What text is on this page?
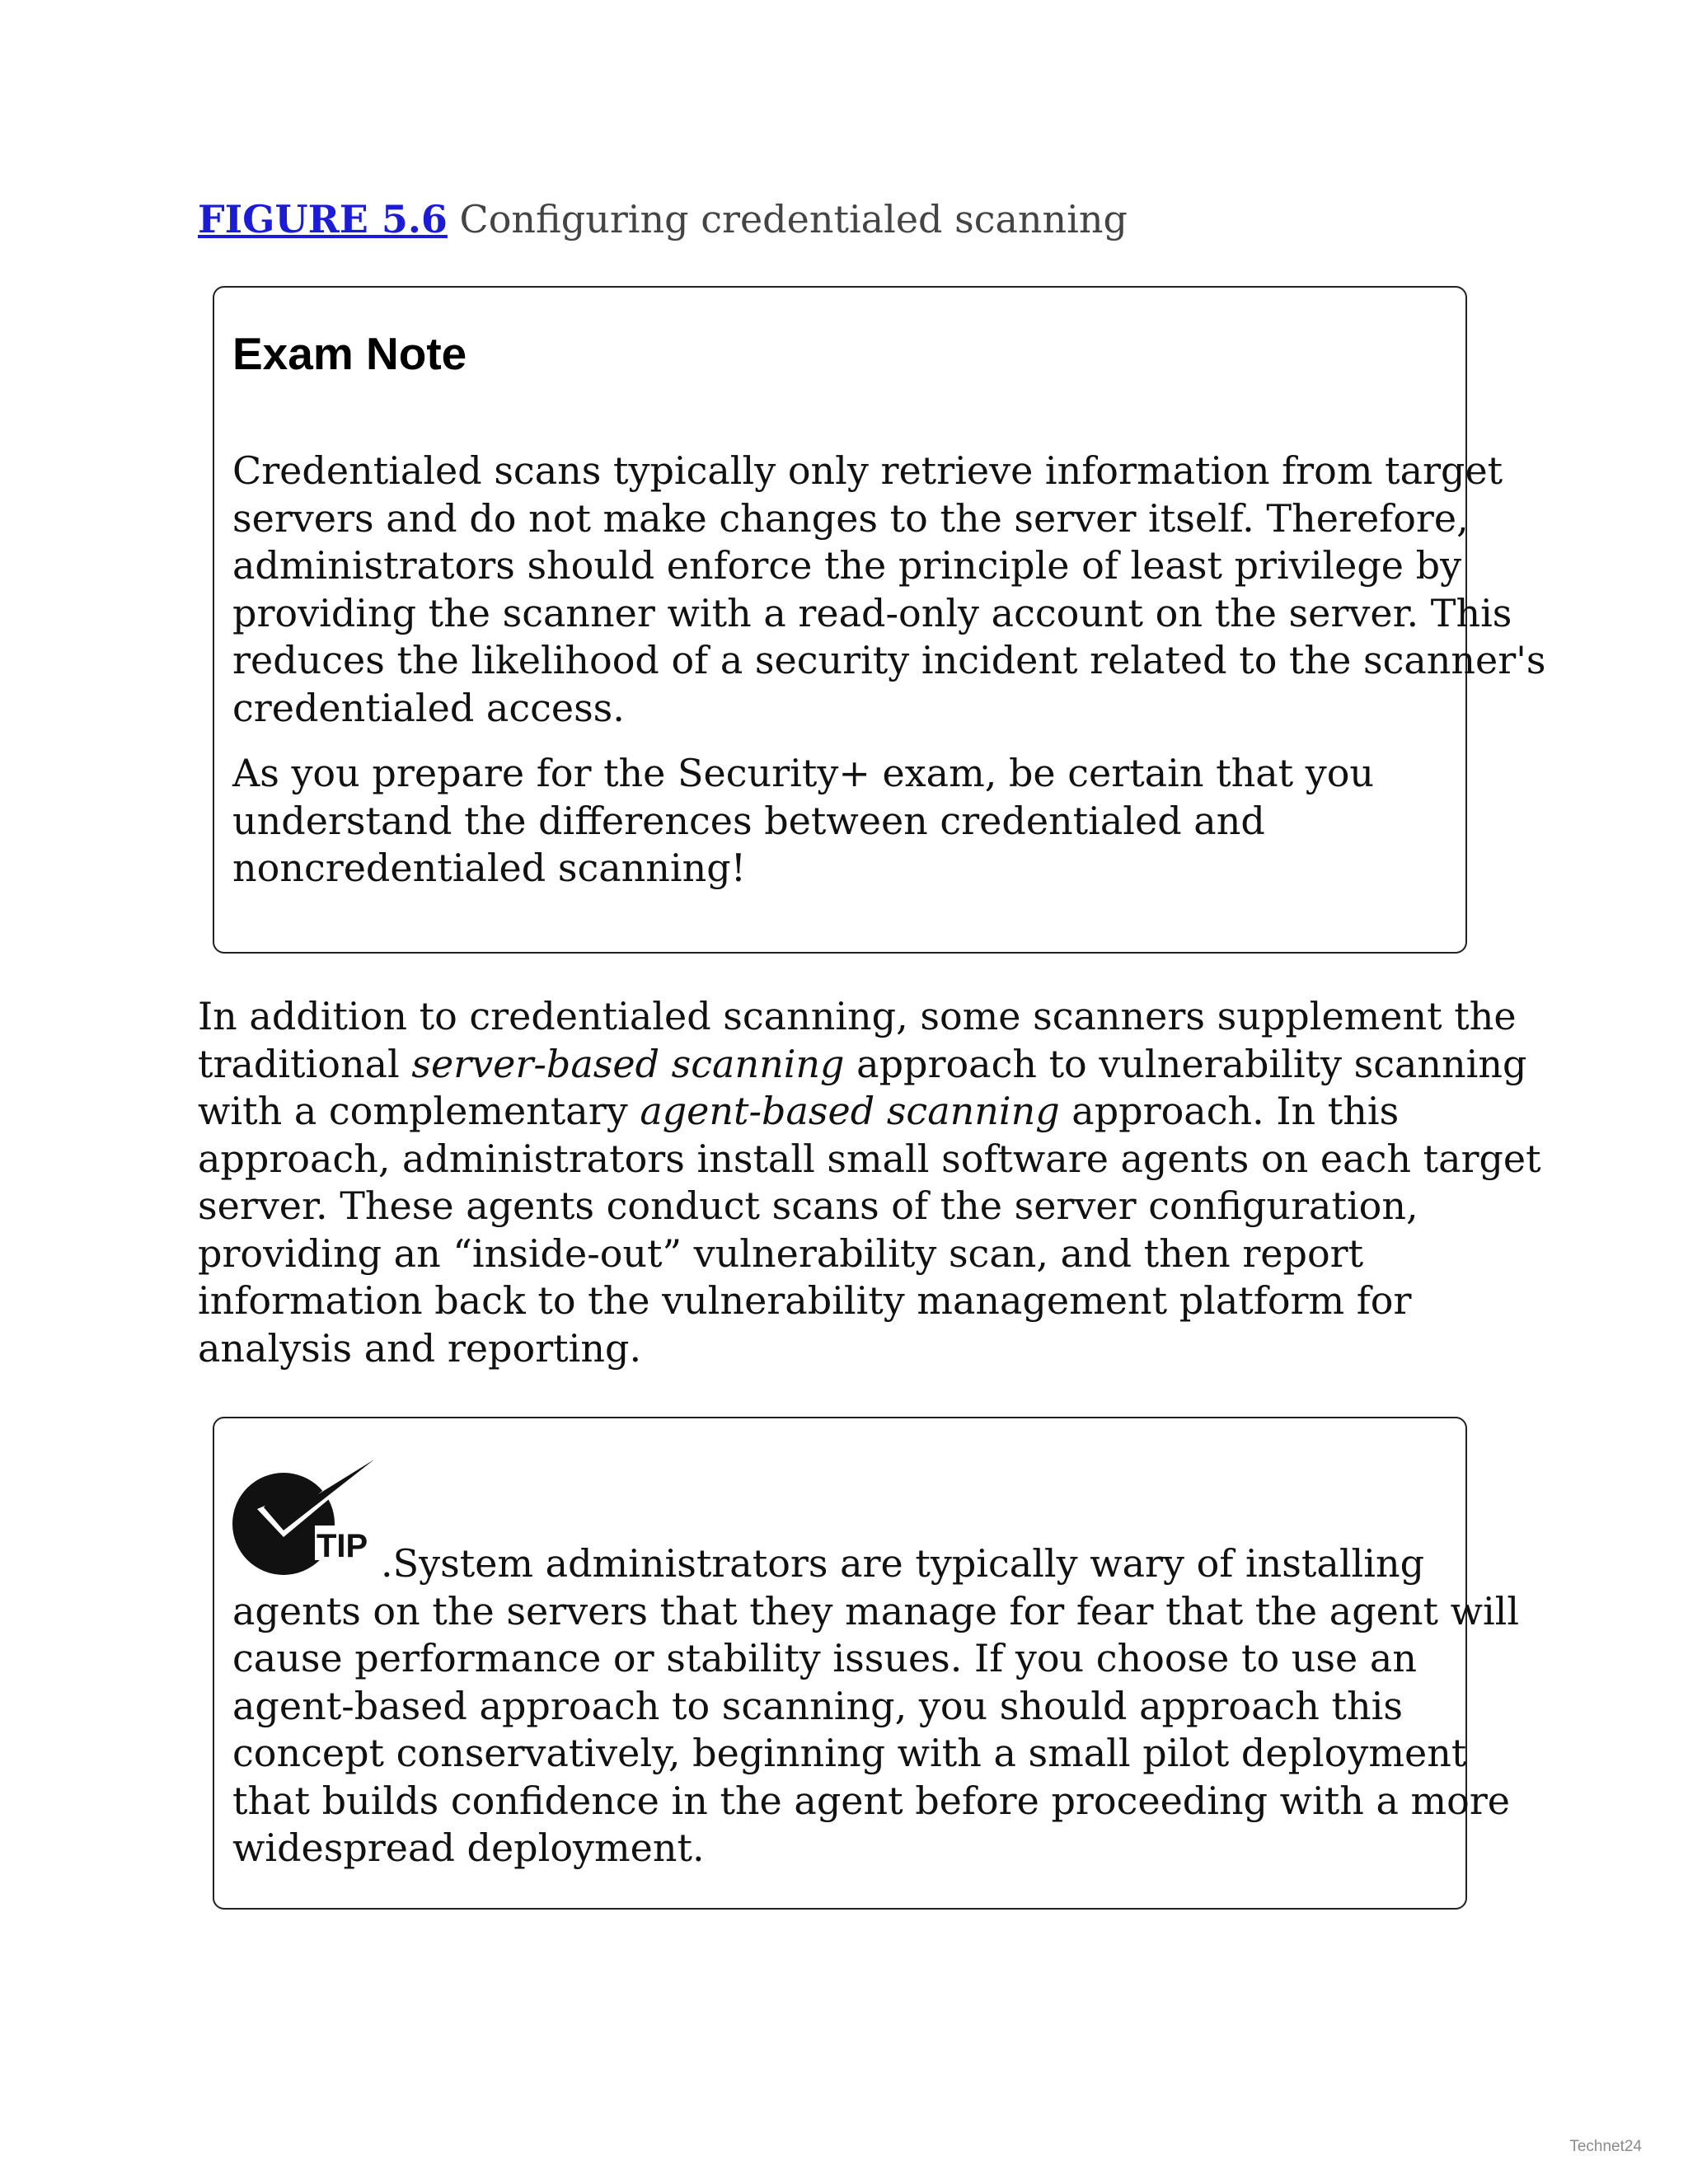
FIGURE 5.6 Configuring credentialed scanning
Exam Note

Credentialed scans typically only retrieve information from target
servers and do not make changes to the server itself. Therefore,
administrators should enforce the principle of least privilege by
providing the scanner with a read-only account on the server. This
reduces the likelihood of a security incident related to the scanner's
credentialed access.

As you prepare for the Security+ exam, be certain that you
understand the differences between credentialed and
noncredentialed scanning!

In addition to credentialed scanning, some scanners supplement the
traditional server-based scanning approach to vulnerability scanning
with a complementary agent-based scanning approach. In this
approach, administrators install small software agents on each target
server. These agents conduct scans of the server configuration,
providing an “inside-out” vulnerability scan, and then report
information back to the vulnerability management platform for
analysis and reporting.

TIP .System administrators are typically wary of installing
agents on the servers that they manage for fear that the agent will
cause performance or stability issues. If you choose to use an
agent-based approach to scanning, you should approach this
concept conservatively, beginning with a small pilot deployment
that builds confidence in the agent before proceeding with a more
widespread deployment.

Technet24
